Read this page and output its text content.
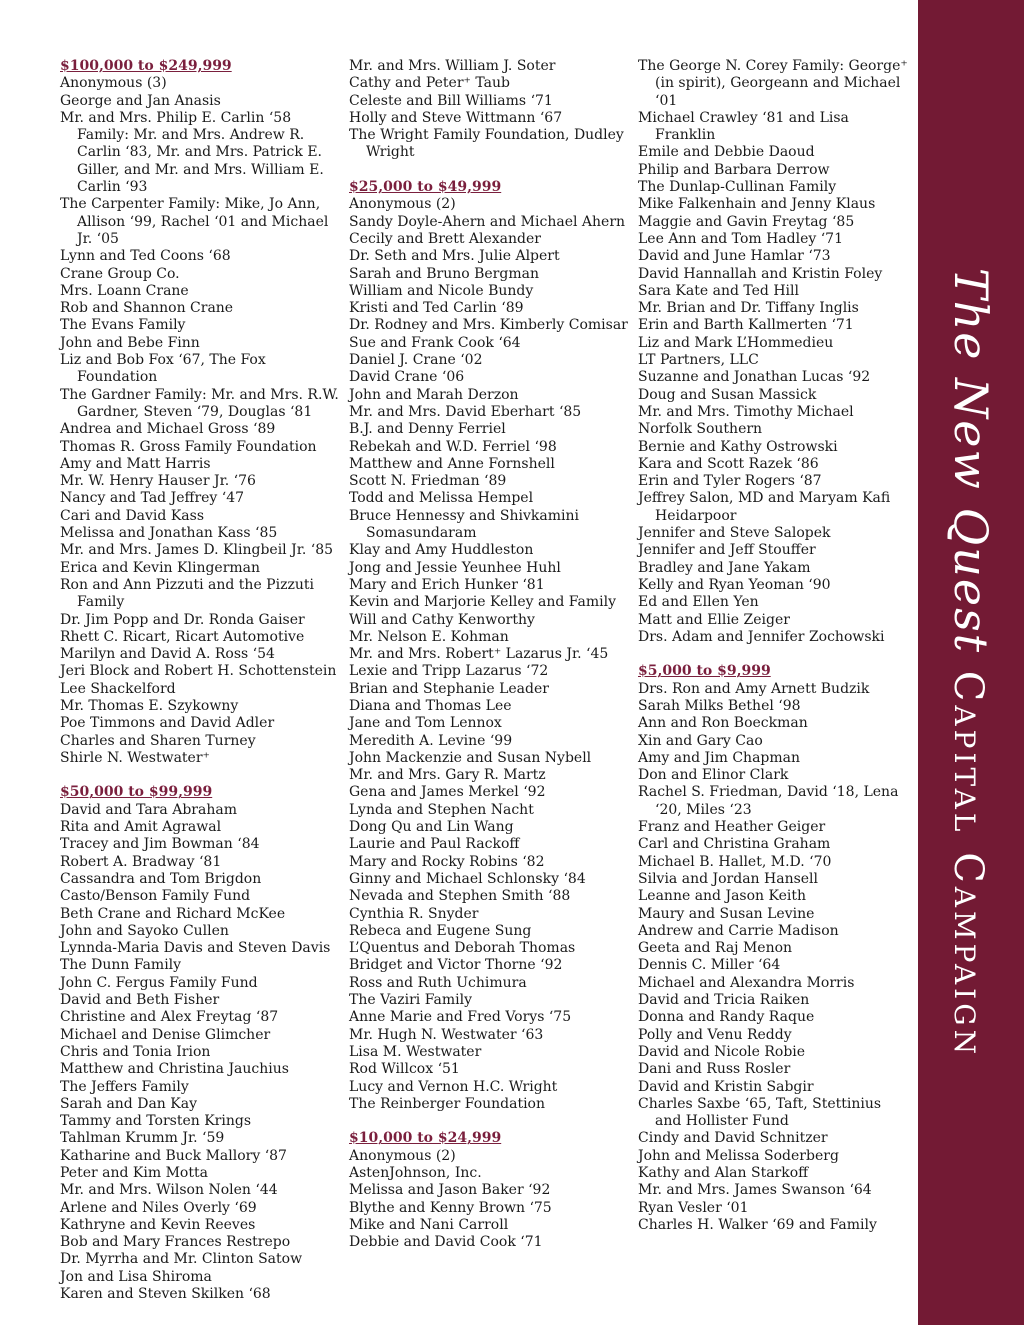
$100,000 to $249,999
Anonymous (3)
George and Jan Anasis
Mr. and Mrs. Philip E. Carlin ‘58 Family: Mr. and Mrs. Andrew R. Carlin ‘83, Mr. and Mrs. Patrick E. Giller, and Mr. and Mrs. William E. Carlin ‘93
The Carpenter Family: Mike, Jo Ann, Allison ‘99, Rachel ‘01 and Michael Jr. ‘05
Lynn and Ted Coons ‘68
Crane Group Co.
Mrs. Loann Crane
Rob and Shannon Crane
The Evans Family
John and Bebe Finn
Liz and Bob Fox ‘67, The Fox Foundation
The Gardner Family: Mr. and Mrs. R.W. Gardner, Steven ‘79, Douglas ‘81
Andrea and Michael Gross ‘89
Thomas R. Gross Family Foundation
Amy and Matt Harris
Mr. W. Henry Hauser Jr. ‘76
Nancy and Tad Jeffrey ‘47
Cari and David Kass
Melissa and Jonathan Kass ‘85
Mr. and Mrs. James D. Klingbeil Jr. ‘85
Erica and Kevin Klingerman
Ron and Ann Pizzuti and the Pizzuti Family
Dr. Jim Popp and Dr. Ronda Gaiser
Rhett C. Ricart, Ricart Automotive
Marilyn and David A. Ross ‘54
Jeri Block and Robert H. Schottenstein
Lee Shackelford
Mr. Thomas E. Szykowny
Poe Timmons and David Adler
Charles and Sharen Turney
Shirle N. Westwater⁺
$50,000 to $99,999
David and Tara Abraham
Rita and Amit Agrawal
Tracey and Jim Bowman ‘84
Robert A. Bradway ‘81
Cassandra and Tom Brigdon
Casto/Benson Family Fund
Beth Crane and Richard McKee
John and Sayoko Cullen
Lynnda-Maria Davis and Steven Davis
The Dunn Family
John C. Fergus Family Fund
David and Beth Fisher
Christine and Alex Freytag ‘87
Michael and Denise Glimcher
Chris and Tonia Irion
Matthew and Christina Jauchius
The Jeffers Family
Sarah and Dan Kay
Tammy and Torsten Krings
Tahlman Krumm Jr. ‘59
Katharine and Buck Mallory ‘87
Peter and Kim Motta
Mr. and Mrs. Wilson Nolen ‘44
Arlene and Niles Overly ‘69
Kathryne and Kevin Reeves
Bob and Mary Frances Restrepo
Dr. Myrrha and Mr. Clinton Satow
Jon and Lisa Shiroma
Karen and Steven Skilken ‘68
Mr. and Mrs. William J. Soter
Cathy and Peter⁺ Taub
Celeste and Bill Williams ‘71
Holly and Steve Wittmann ‘67
The Wright Family Foundation, Dudley Wright
$25,000 to $49,999
Anonymous (2)
Sandy Doyle-Ahern and Michael Ahern
Cecily and Brett Alexander
Dr. Seth and Mrs. Julie Alpert
Sarah and Bruno Bergman
William and Nicole Bundy
Kristi and Ted Carlin ‘89
Dr. Rodney and Mrs. Kimberly Comisar
Sue and Frank Cook ‘64
Daniel J. Crane ‘02
David Crane ‘06
John and Marah Derzon
Mr. and Mrs. David Eberhart ‘85
B.J. and Denny Ferriel
Rebekah and W.D. Ferriel ‘98
Matthew and Anne Fornshell
Scott N. Friedman ‘89
Todd and Melissa Hempel
Bruce Hennessy and Shivkamini Somasundaram
Klay and Amy Huddleston
Jong and Jessie Yeunhee Huhl
Mary and Erich Hunker ‘81
Kevin and Marjorie Kelley and Family
Will and Cathy Kenworthy
Mr. Nelson E. Kohman
Mr. and Mrs. Robert⁺ Lazarus Jr. ‘45
Lexie and Tripp Lazarus ‘72
Brian and Stephanie Leader
Diana and Thomas Lee
Jane and Tom Lennox
Meredith A. Levine ‘99
John Mackenzie and Susan Nybell
Mr. and Mrs. Gary R. Martz
Gena and James Merkel ‘92
Lynda and Stephen Nacht
Dong Qu and Lin Wang
Laurie and Paul Rackoff
Mary and Rocky Robins ‘82
Ginny and Michael Schlonsky ‘84
Nevada and Stephen Smith ‘88
Cynthia R. Snyder
Rebeca and Eugene Sung
L’Quentus and Deborah Thomas
Bridget and Victor Thorne ‘92
Ross and Ruth Uchimura
The Vaziri Family
Anne Marie and Fred Vorys ‘75
Mr. Hugh N. Westwater ‘63
Lisa M. Westwater
Rod Willcox ‘51
Lucy and Vernon H.C. Wright
The Reinberger Foundation
$10,000 to $24,999
Anonymous (2)
AstenJohnson, Inc.
Melissa and Jason Baker ‘92
Blythe and Kenny Brown ‘75
Mike and Nani Carroll
Debbie and David Cook ‘71
The George N. Corey Family: George⁺ (in spirit), Georgeann and Michael ‘01
Michael Crawley ‘81 and Lisa Franklin
Emile and Debbie Daoud
Philip and Barbara Derrow
The Dunlap-Cullinan Family
Mike Falkenhain and Jenny Klaus
Maggie and Gavin Freytag ‘85
Lee Ann and Tom Hadley ‘71
David and June Hamlar ‘73
David Hannallah and Kristin Foley
Sara Kate and Ted Hill
Mr. Brian and Dr. Tiffany Inglis
Erin and Barth Kallmerten ‘71
Liz and Mark L’Hommedieu
LT Partners, LLC
Suzanne and Jonathan Lucas ‘92
Doug and Susan Massick
Mr. and Mrs. Timothy Michael
Norfolk Southern
Bernie and Kathy Ostrowski
Kara and Scott Razek ‘86
Erin and Tyler Rogers ‘87
Jeffrey Salon, MD and Maryam Kafi Heidarpoor
Jennifer and Steve Salopek
Jennifer and Jeff Stouffer
Bradley and Jane Yakam
Kelly and Ryan Yeoman ‘90
Ed and Ellen Yen
Matt and Ellie Zeiger
Drs. Adam and Jennifer Zochowski
$5,000 to $9,999
Drs. Ron and Amy Arnett Budzik
Sarah Milks Bethel ‘98
Ann and Ron Boeckman
Xin and Gary Cao
Amy and Jim Chapman
Don and Elinor Clark
Rachel S. Friedman, David ‘18, Lena ‘20, Miles ‘23
Franz and Heather Geiger
Carl and Christina Graham
Michael B. Hallet, M.D. ‘70
Silvia and Jordan Hansell
Leanne and Jason Keith
Maury and Susan Levine
Andrew and Carrie Madison
Geeta and Raj Menon
Dennis C. Miller ‘64
Michael and Alexandra Morris
David and Tricia Raiken
Donna and Randy Raque
Polly and Venu Reddy
David and Nicole Robie
Dani and Russ Rosler
David and Kristin Sabgir
Charles Saxbe ‘65, Taft, Stettinius and Hollister Fund
Cindy and David Schnitzer
John and Melissa Soderberg
Kathy and Alan Starkoff
Mr. and Mrs. James Swanson ‘64
Ryan Vesler ‘01
Charles H. Walker ‘69 and Family
The New Quest Capital Campaign
